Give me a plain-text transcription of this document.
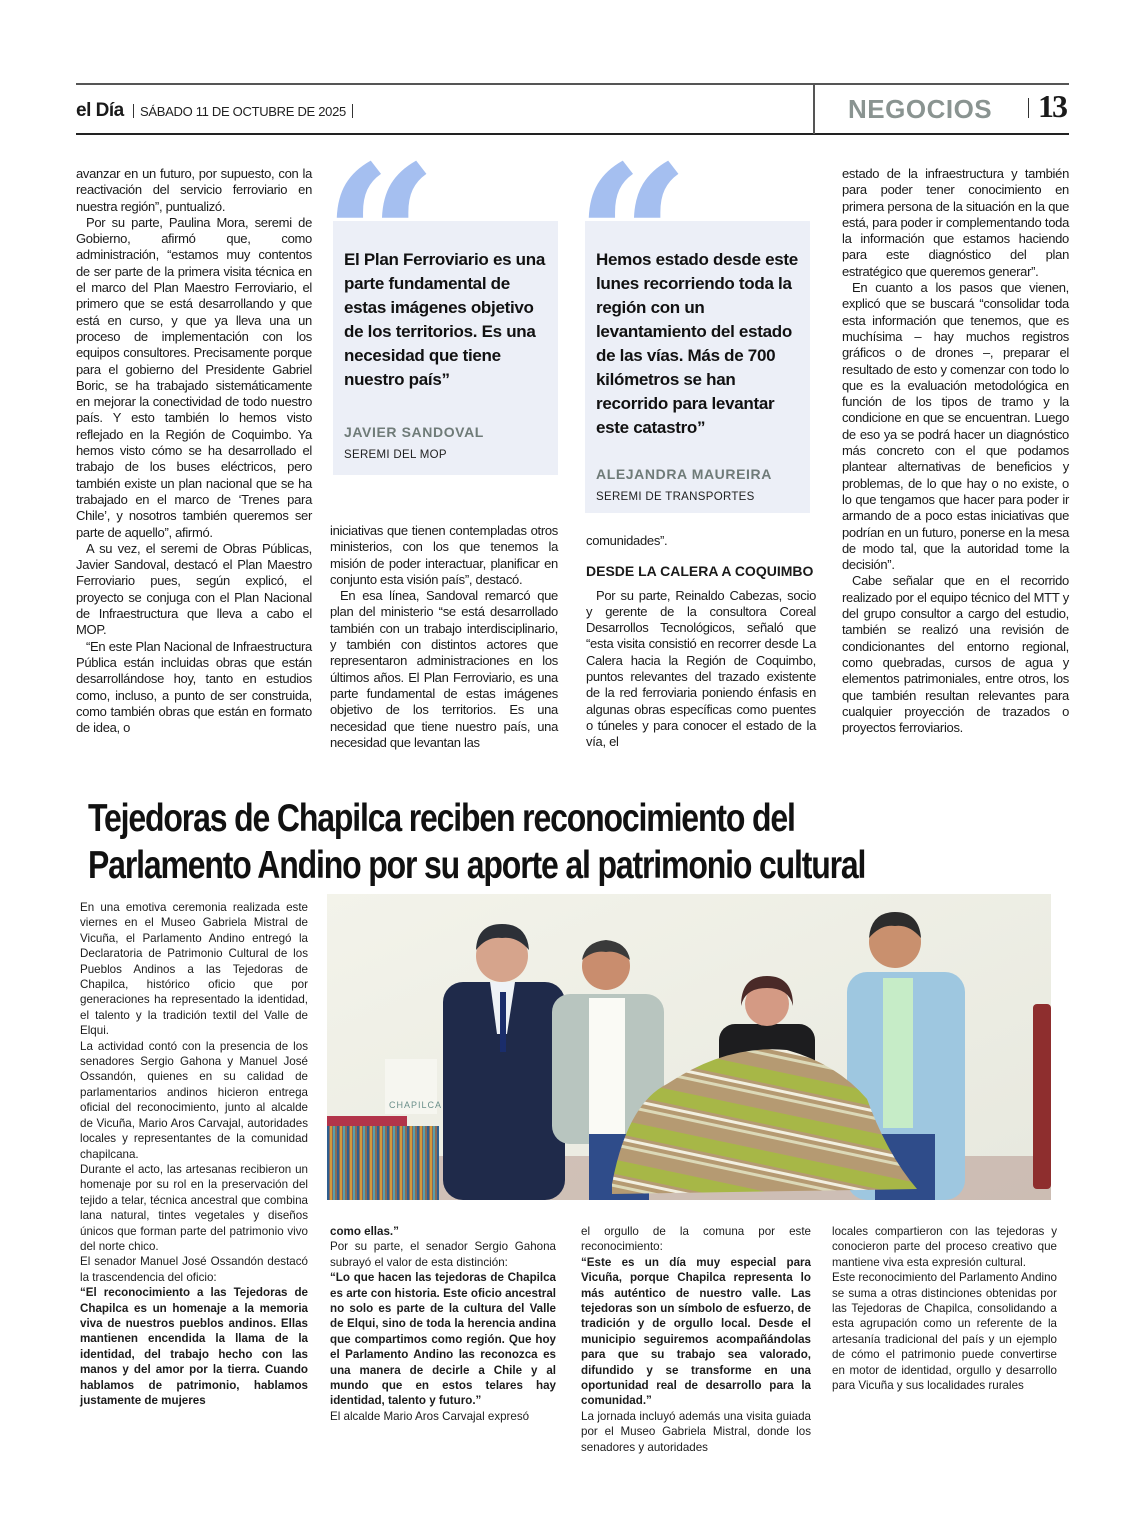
el Día	SÁBADO 11 DE OCTUBRE DE 2025	NEGOCIOS 13

avanzar en un futuro, por supuesto, con la reactivación del servicio ferroviario en nuestra región”, puntualizó.

Por su parte, Paulina Mora, seremi de Gobierno, afirmó que, como administración, “estamos muy contentos de ser parte de la primera visita técnica en el marco del Plan Maestro Ferroviario, el primero que se está desarrollando y que está en curso, y que ya lleva una un proceso de implementación con los equipos consultores. Precisamente porque para el gobierno del Presidente Gabriel Boric, se ha trabajado sistemáticamente en mejorar la conectividad de todo nuestro país. Y esto también lo hemos visto reflejado en la Región de Coquimbo. Ya hemos visto cómo se ha desarrollado el trabajo de los buses eléctricos, pero también existe un plan nacional que se ha trabajado en el marco de ‘Trenes para Chile’, y nosotros también queremos ser parte de aquello”, afirmó.

A su vez, el seremi de Obras Públicas, Javier Sandoval, destacó el Plan Maestro Ferroviario pues, según explicó, el proyecto se conjuga con el Plan Nacional de Infraestructura que lleva a cabo el MOP.

“En este Plan Nacional de Infraestructura Pública están incluidas obras que están desarrollándose hoy, tanto en estudios como, incluso, a punto de ser construida, como también obras que están en formato de idea, o

El Plan Ferroviario es una parte fundamental de estas imágenes objetivo de los territorios. Es una necesidad que tiene nuestro país”
JAVIER SANDOVAL
SEREMI DEL MOP

iniciativas que tienen contempladas otros ministerios, con los que tenemos la misión de poder interactuar, planificar en conjunto esta visión país”, destacó.

En esa línea, Sandoval remarcó que plan del ministerio “se está desarrollado también con un trabajo interdisciplinario, y también con distintos actores que representaron administraciones en los últimos años. El Plan Ferroviario, es una parte fundamental de estas imágenes objetivo de los territorios. Es una necesidad que tiene nuestro país, una necesidad que levantan las

Hemos estado desde este lunes recorriendo toda la región con un levantamiento del estado de las vías. Más de 700 kilómetros se han recorrido para levantar este catastro”
ALEJANDRA MAUREIRA
SEREMI DE TRANSPORTES

comunidades”.

DESDE LA CALERA A COQUIMBO

Por su parte, Reinaldo Cabezas, socio y gerente de la consultora Coreal Desarrollos Tecnológicos, señaló que “esta visita consistió en recorrer desde La Calera hacia la Región de Coquimbo, puntos relevantes del trazado existente de la red ferroviaria poniendo énfasis en algunas obras específicas como puentes o túneles y para conocer el estado de la vía, el

estado de la infraestructura y también para poder tener conocimiento en primera persona de la situación en la que está, para poder ir complementando toda la información que estamos haciendo para este diagnóstico del plan estratégico que queremos generar”.

En cuanto a los pasos que vienen, explicó que se buscará “consolidar toda esta información que tenemos, que es muchísima – hay muchos registros gráficos o de drones –, preparar el resultado de esto y comenzar con todo lo que es la evaluación metodológica en función de los tipos de tramo y la condicione en que se encuentran. Luego de eso ya se podrá hacer un diagnóstico más concreto con el que podamos plantear alternativas de beneficios y problemas, de lo que hay o no existe, o lo que tengamos que hacer para poder ir armando de a poco estas iniciativas que podrían en un futuro, ponerse en la mesa de modo tal, que la autoridad tome la decisión”.

Cabe señalar que en el recorrido realizado por el equipo técnico del MTT y del grupo consultor a cargo del estudio, también se realizó una revisión de condicionantes del entorno regional, como quebradas, cursos de agua y elementos patrimoniales, entre otros, los que también resultan relevantes para cualquier proyección de trazados o proyectos ferroviarios.

Tejedoras de Chapilca reciben reconocimiento del
Parlamento Andino por su aporte al patrimonio cultural

En una emotiva ceremonia realizada este viernes en el Museo Gabriela Mistral de Vicuña, el Parlamento Andino entregó la Declaratoria de Patrimonio Cultural de los Pueblos Andinos a las Tejedoras de Chapilca, histórico oficio que por generaciones ha representado la identidad, el talento y la tradición textil del Valle de Elqui.

La actividad contó con la presencia de los senadores Sergio Gahona y Manuel José Ossandón, quienes en su calidad de parlamentarios andinos hicieron entrega oficial del reconocimiento, junto al alcalde de Vicuña, Mario Aros Carvajal, autoridades locales y representantes de la comunidad chapilcana.

Durante el acto, las artesanas recibieron un homenaje por su rol en la preservación del tejido a telar, técnica ancestral que combina lana natural, tintes vegetales y diseños únicos que forman parte del patrimonio vivo del norte chico.

El senador Manuel José Ossandón destacó la trascendencia del oficio:

“El reconocimiento a las Tejedoras de Chapilca es un homenaje a la memoria viva de nuestros pueblos andinos. Ellas mantienen encendida la llama de la identidad, del trabajo hecho con las manos y del amor por la tierra. Cuando hablamos de patrimonio, hablamos justamente de mujeres

CHAPILCA

como ellas.”

Por su parte, el senador Sergio Gahona subrayó el valor de esta distinción:

“Lo que hacen las tejedoras de Chapilca es arte con historia. Este oficio ancestral no solo es parte de la cultura del Valle de Elqui, sino de toda la herencia andina que compartimos como región. Que hoy el Parlamento Andino las reconozca es una manera de decirle a Chile y al mundo que en estos telares hay identidad, talento y futuro.”

El alcalde Mario Aros Carvajal expresó

el orgullo de la comuna por este reconocimiento:

“Este es un día muy especial para Vicuña, porque Chapilca representa lo más auténtico de nuestro valle. Las tejedoras son un símbolo de esfuerzo, de tradición y de orgullo local. Desde el municipio seguiremos acompañándolas para que su trabajo sea valorado, difundido y se transforme en una oportunidad real de desarrollo para la comunidad.”

La jornada incluyó además una visita guiada por el Museo Gabriela Mistral, donde los senadores y autoridades

locales compartieron con las tejedoras y conocieron parte del proceso creativo que mantiene viva esta expresión cultural.

Este reconocimiento del Parlamento Andino se suma a otras distinciones obtenidas por las Tejedoras de Chapilca, consolidando a esta agrupación como un referente de la artesanía tradicional del país y un ejemplo de cómo el patrimonio puede convertirse en motor de identidad, orgullo y desarrollo para Vicuña y sus localidades rurales
